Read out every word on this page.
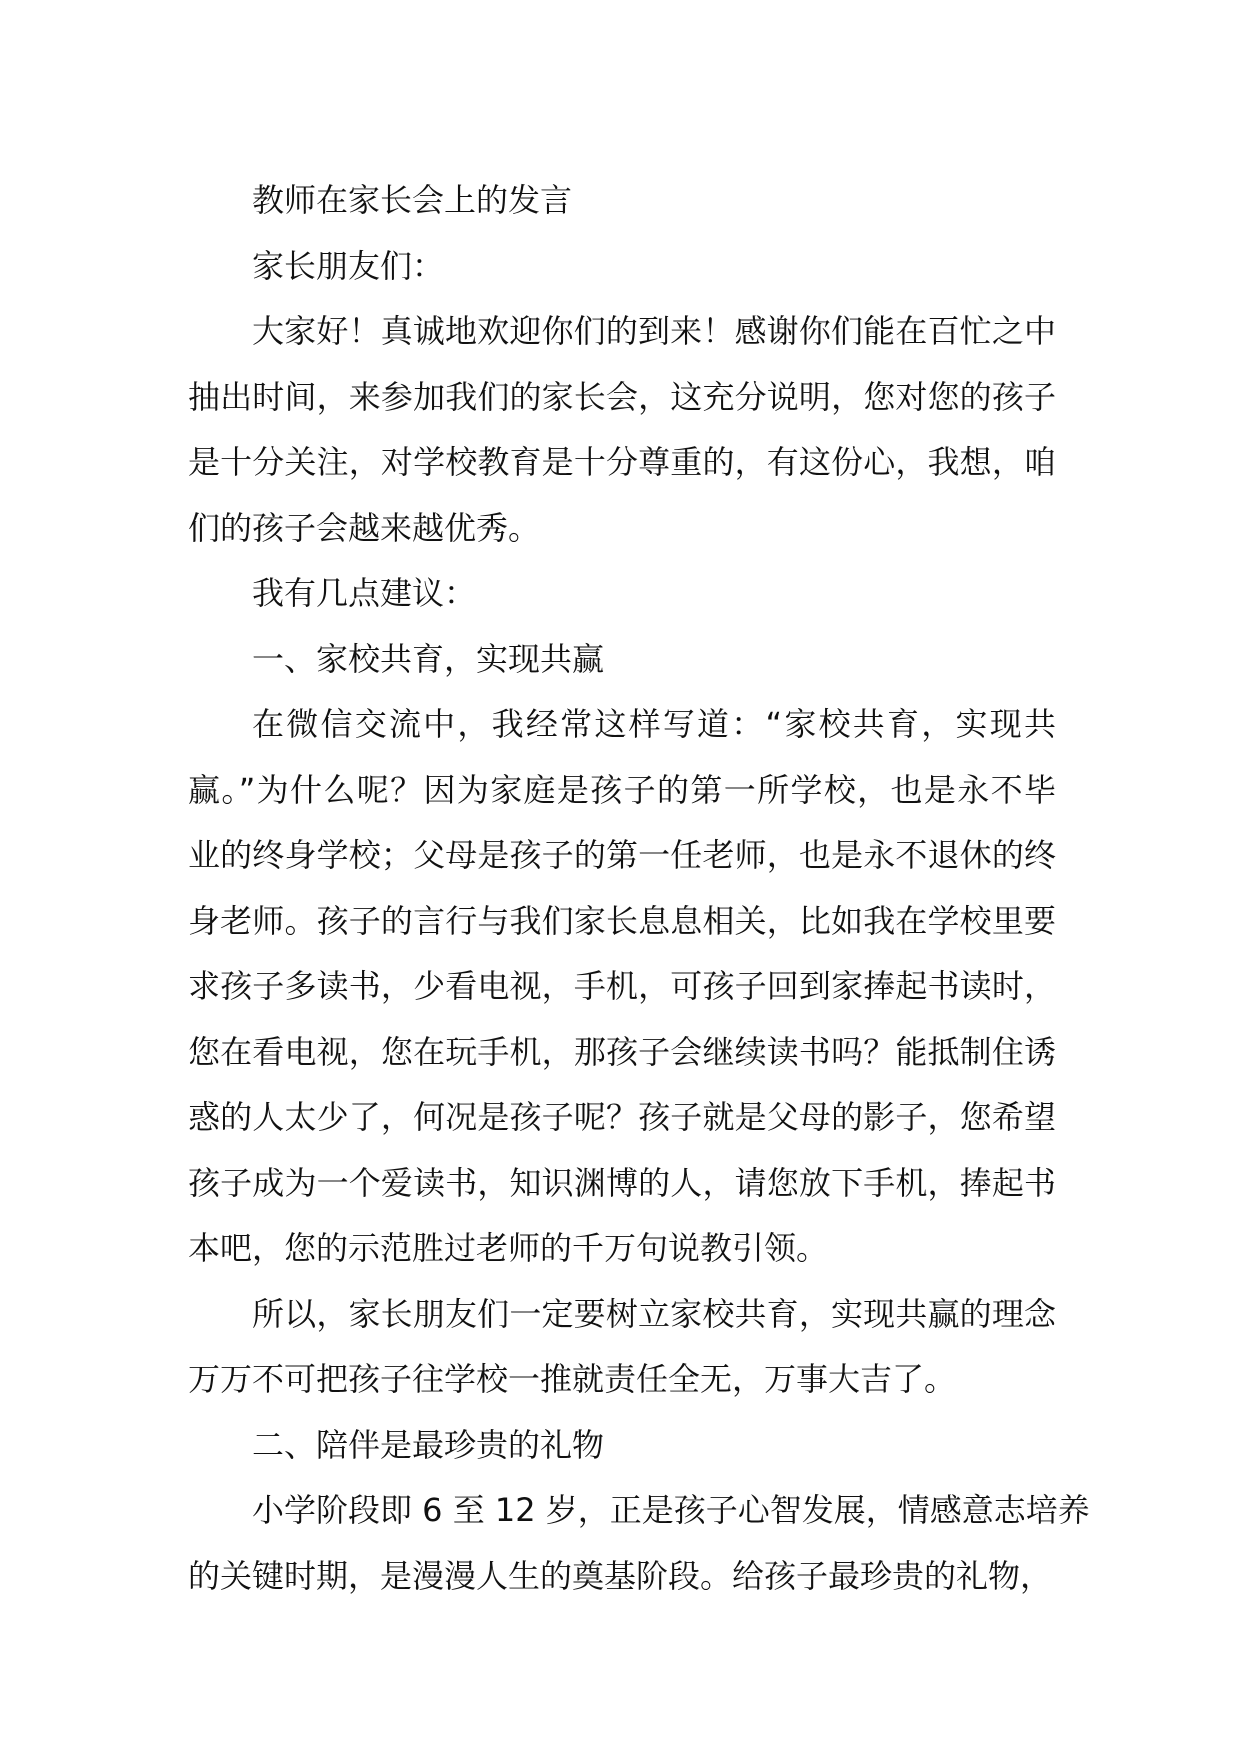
教师在家长会上的发言

家长朋友们：

大家好！真诚地欢迎你们的到来！感谢你们能在百忙之中
抽出时间，来参加我们的家长会，这充分说明，您对您的孩子
是十分关注，对学校教育是十分尊重的，有这份心，我想，咱
们的孩子会越来越优秀。

我有几点建议：

一、家校共育，实现共赢

在微信交流中，我经常这样写道：“家校共育，实现共
赢。”为什么呢？因为家庭是孩子的第一所学校，也是永不毕
业的终身学校；父母是孩子的第一任老师，也是永不退休的终
身老师。孩子的言行与我们家长息息相关，比如我在学校里要
求孩子多读书，少看电视，手机，可孩子回到家捧起书读时，
您在看电视，您在玩手机，那孩子会继续读书吗？能抵制住诱
惑的人太少了，何况是孩子呢？孩子就是父母的影子，您希望
孩子成为一个爱读书，知识渊博的人，请您放下手机，捧起书
本吧，您的示范胜过老师的千万句说教引领。

所以，家长朋友们一定要树立家校共育，实现共赢的理念
万万不可把孩子往学校一推就责任全无，万事大吉了。

二、陪伴是最珍贵的礼物

小学阶段即 6 至 12 岁，正是孩子心智发展，情感意志培养
的关键时期，是漫漫人生的奠基阶段。给孩子最珍贵的礼物，
